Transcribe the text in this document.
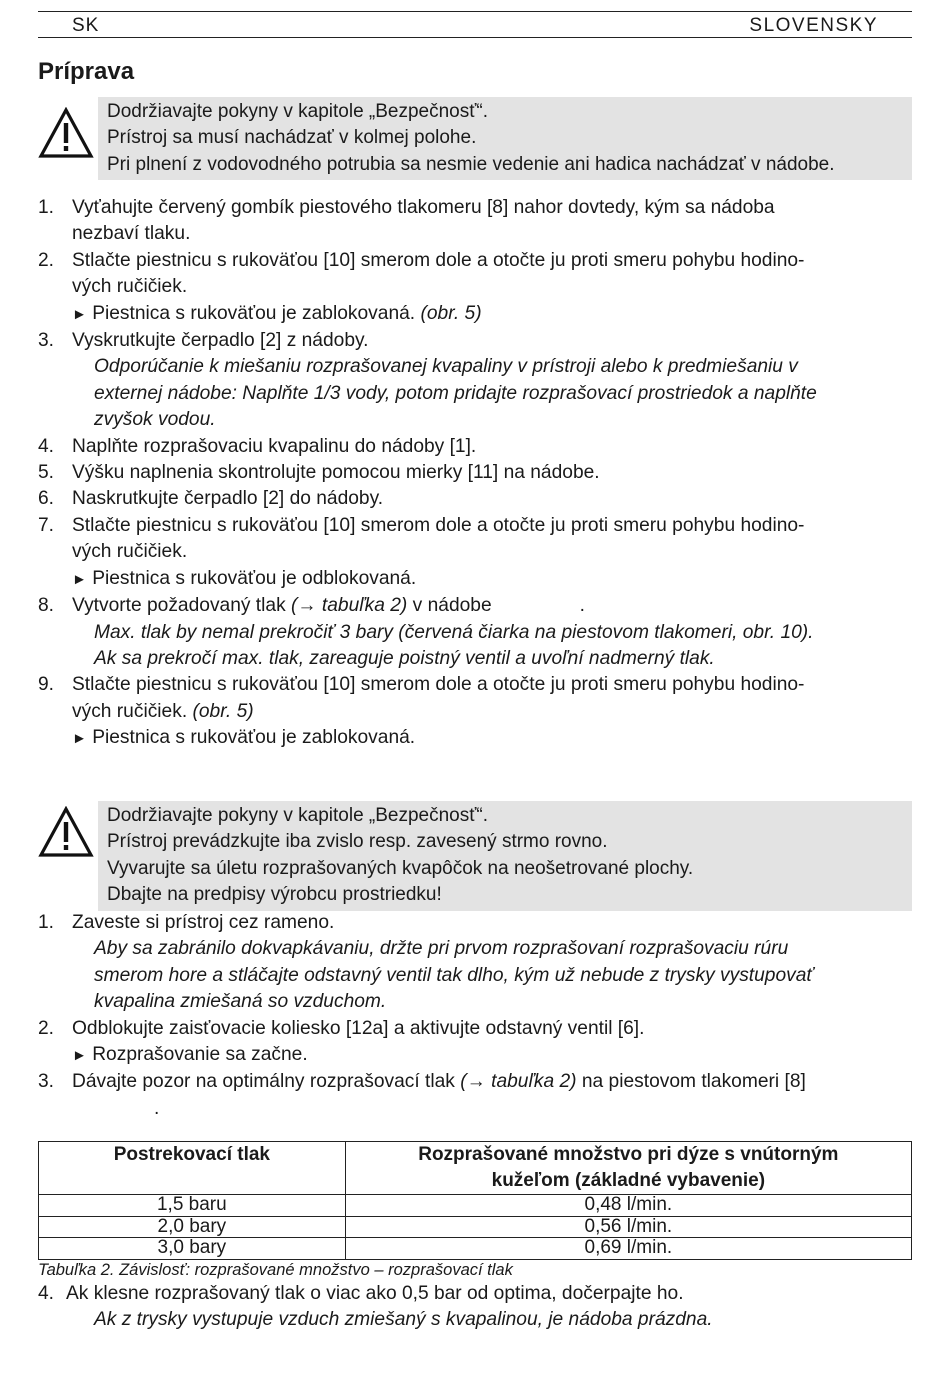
SK	SLOVENSKY
Príprava
Dodržiavajte pokyny v kapitole „Bezpečnosť“.
Prístroj sa musí nachádzať v kolmej polohe.
Pri plnení z vodovodného potrubia sa nesmie vedenie ani hadica nachádzať v nádobe.
1. Vyťahujte červený gombík piestového tlakomeru [8] nahor dovtedy, kým sa nádoba
nezbaví tlaku.
2. Stlačte piestnicu s rukoväťou [10] smerom dole a otočte ju proti smeru pohybu hodino-
vých ručičiek.
► Piestnica s rukoväťou je zablokovaná. (obr. 5)
3. Vyskrutkujte čerpadlo [2] z nádoby.
Odporúčanie k miešaniu rozprašovanej kvapaliny v prístroji alebo k predmiešaniu v
externej nádobe: Naplňte 1/3 vody, potom pridajte rozprašovací prostriedok a naplňte
zvyšok vodou.
4. Naplňte rozprašovaciu kvapalinu do nádoby [1].
5. Výšku naplnenia skontrolujte pomocou mierky [11] na nádobe.
6. Naskrutkujte čerpadlo [2] do nádoby.
7. Stlačte piestnicu s rukoväťou [10] smerom dole a otočte ju proti smeru pohybu hodino-
vých ručičiek.
► Piestnica s rukoväťou je odblokovaná.
8. Vytvorte požadovaný tlak (→ tabuľka 2) v nádobe	.
Max. tlak by nemal prekročiť 3 bary (červená čiarka na piestovom tlakomeri, obr. 10).
Ak sa prekročí max. tlak, zareaguje poistný ventil a uvoľní nadmerný tlak.
9. Stlačte piestnicu s rukoväťou [10] smerom dole a otočte ju proti smeru pohybu hodino-
vých ručičiek. (obr. 5)
► Piestnica s rukoväťou je zablokovaná.
Dodržiavajte pokyny v kapitole „Bezpečnosť“.
Prístroj prevádzkujte iba zvislo resp. zavesený strmo rovno.
Vyvarujte sa úletu rozprašovaných kvapôčok na neošetrované plochy.
Dbajte na predpisy výrobcu prostriedku!
1. Zaveste si prístroj cez rameno.
Aby sa zabránilo dokvapkávaniu, držte pri prvom rozprašovaní rozprašovaciu rúru
smerom hore a stláčajte odstavný ventil tak dlho, kým už nebude z trysky vystupovať
kvapalina zmiešaná so vzduchom.
2. Odblokujte zaisťovacie koliesko [12a] a aktivujte odstavný ventil [6].
► Rozprašovanie sa začne.
3. Dávajte pozor na optimálny rozprašovací tlak (→ tabuľka 2) na piestovom tlakomeri [8]
.
Postrekovací tlak	Rozprašované množstvo pri dýze s vnútorným
kužeľom (základné vybavenie)

1,5 baru	0,48 l/min.
2,0 bary	0,56 l/min.
3,0 bary	0,69 l/min.
Tabuľka 2. Závislosť: rozprašované množstvo – rozprašovací tlak
4. Ak klesne rozprašovaný tlak o viac ako 0,5 bar od optima, dočerpajte ho.
Ak z trysky vystupuje vzduch zmiešaný s kvapalinou, je nádoba prázdna.
